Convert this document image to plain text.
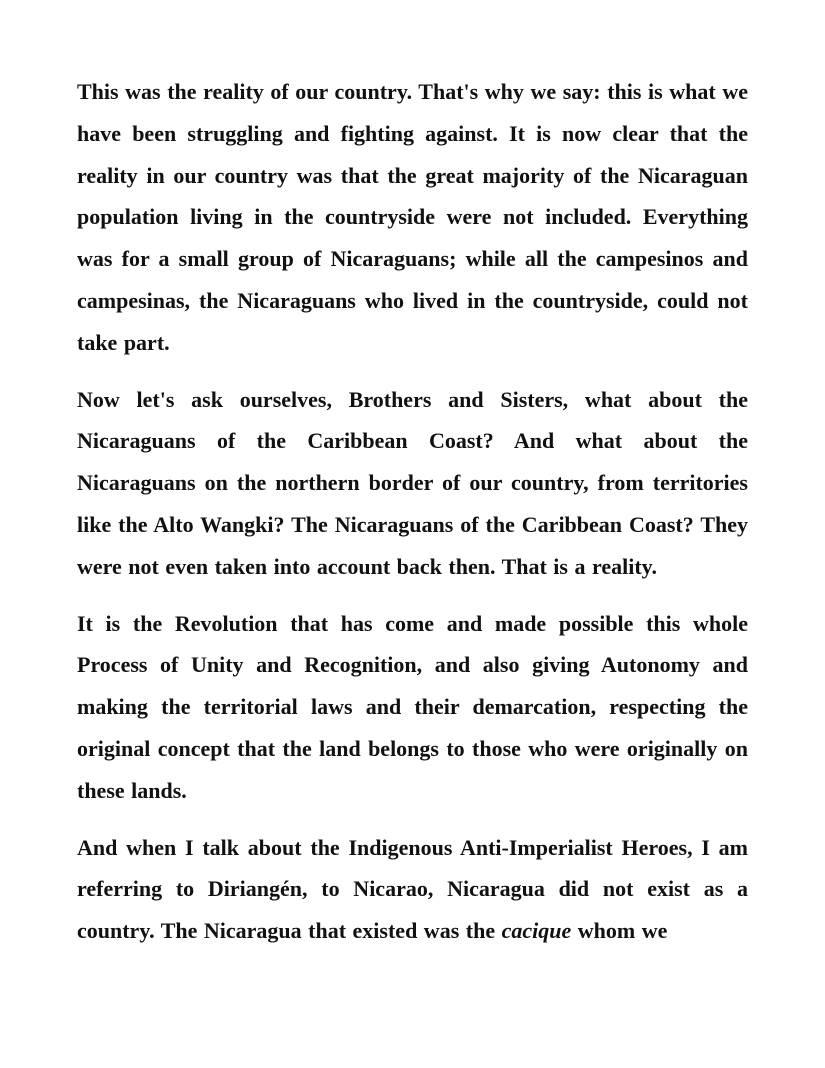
This was the reality of our country. That's why we say: this is what we have been struggling and fighting against. It is now clear that the reality in our country was that the great majority of the Nicaraguan population living in the countryside were not included. Everything was for a small group of Nicaraguans; while all the campesinos and campesinas, the Nicaraguans who lived in the countryside, could not take part.

Now let's ask ourselves, Brothers and Sisters, what about the Nicaraguans of the Caribbean Coast? And what about the Nicaraguans on the northern border of our country, from territories like the Alto Wangki? The Nicaraguans of the Caribbean Coast? They were not even taken into account back then. That is a reality.

It is the Revolution that has come and made possible this whole Process of Unity and Recognition, and also giving Autonomy and making the territorial laws and their demarcation, respecting the original concept that the land belongs to those who were originally on these lands.

And when I talk about the Indigenous Anti-Imperialist Heroes, I am referring to Diriangén, to Nicarao, Nicaragua did not exist as a country. The Nicaragua that existed was the cacique whom we
